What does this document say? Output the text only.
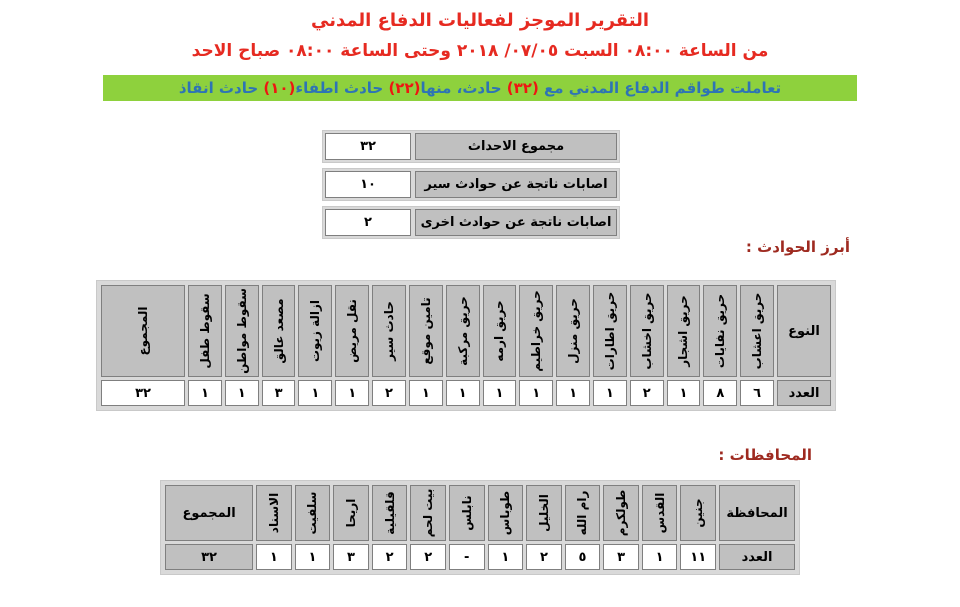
التقرير الموجز لفعاليات الدفاع المدني
من الساعة ٠٨:٠٠ السبت ٠٧/٠٥/ ٢٠١٨ وحتى الساعة ٠٨:٠٠ صباح الاحد
تعاملت طواقم الدفاع المدني مع
(٣٢)
حادث، منها
(٢٢)
حادث اطفاء
(١٠)
حادث انقاذ
مجموع الاحداث
٣٢
اصابات ناتجة عن حوادث سير
١٠
اصابات ناتجة عن حوادث اخرى
٢
أبرز الحوادث :
النوع
العدد
حريق اعشاب
٦
حريق نفايات
٨
حريق اشجار
١
حريق اخشاب
٢
حريق اطارات
١
حريق منزل
١
حريق خراطيم
١
حريق ارمه
١
حريق مركبة
١
تامين موقع
١
حادث سير
٢
نقل مريض
١
ازالة زيوت
١
مصعد عالق
٣
سقوط مواطن
١
سقوط طفل
١
المجموع
٣٢
المحافظات :
المحافظة
العدد
جنين
١١
القدس
١
طولكرم
٣
رام الله
٥
الخليل
٢
طوباس
١
نابلس
-
بيت لحم
٢
قلقيلية
٢
اريحا
٣
سلفيت
١
الاسناد
١
المجموع
٣٢
